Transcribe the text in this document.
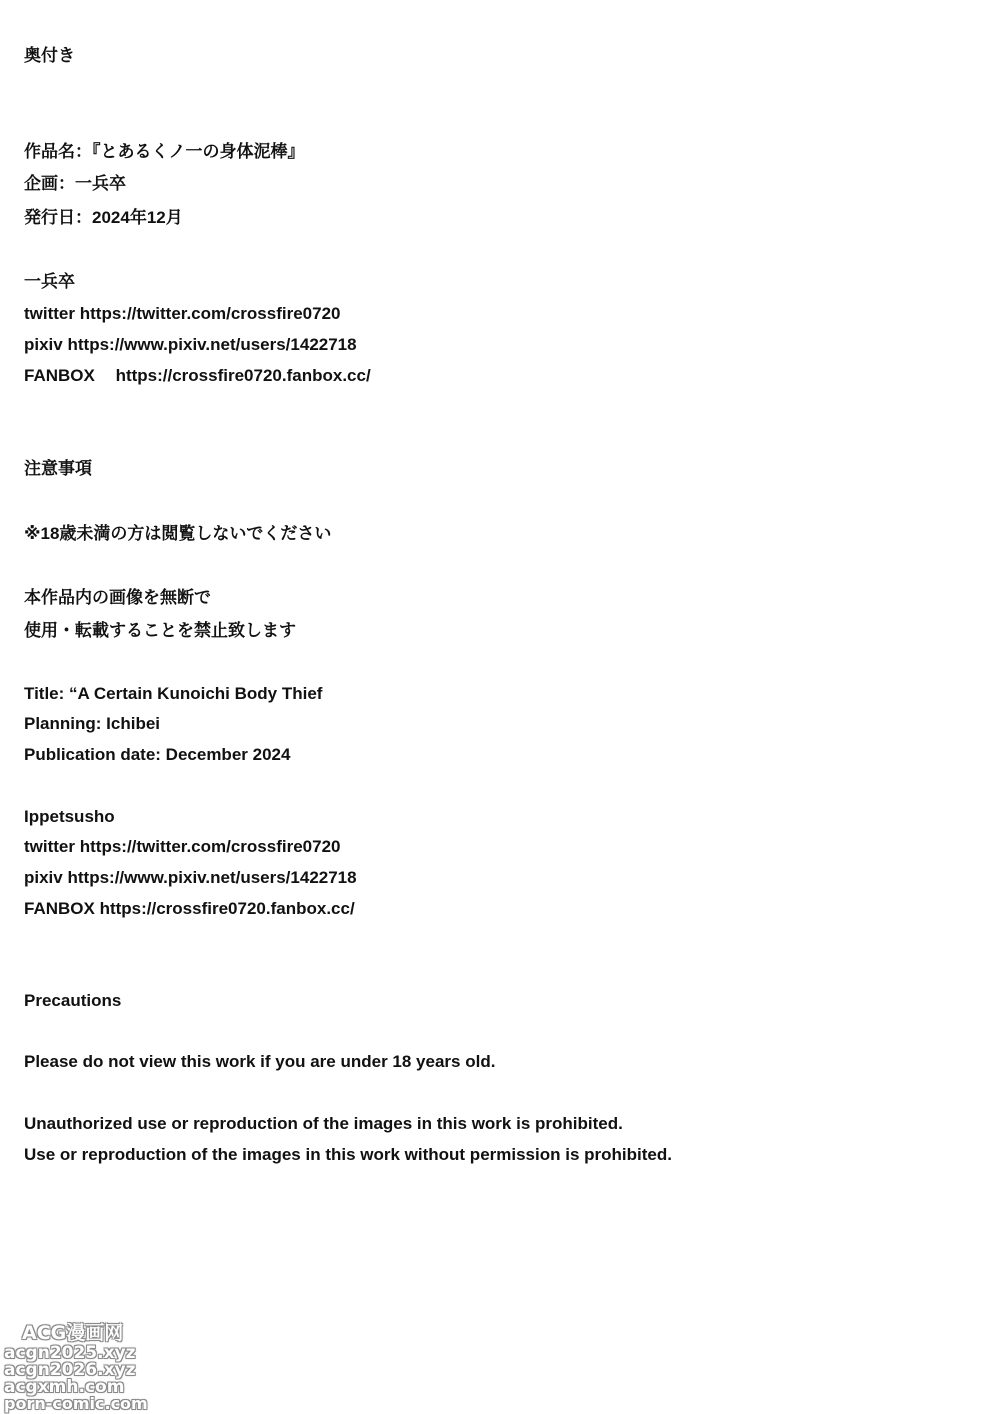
奥付き
作品名：『とあるくノ一の身体泥棒』
企画：一兵卒
発行日：2024年12月
一兵卒
twitter https://twitter.com/crossfire0720
pixiv https://www.pixiv.net/users/1422718
FANBOX https://crossfire0720.fanbox.cc/
注意事項
※18歳未満の方は閲覧しないでください
本作品内の画像を無断で
使用・転載することを禁止致します
Title: “A Certain Kunoichi Body Thief
Planning: Ichibei
Publication date: December 2024
Ippetsusho
twitter https://twitter.com/crossfire0720
pixiv https://www.pixiv.net/users/1422718
FANBOX https://crossfire0720.fanbox.cc/
Precautions
Please do not view this work if you are under 18 years old.
Unauthorized use or reproduction of the images in this work is prohibited.
Use or reproduction of the images in this work without permission is prohibited.
ACG漫画网
acgn2025.xyz
acgn2026.xyz
acgxmh.com
porn-comic.com
